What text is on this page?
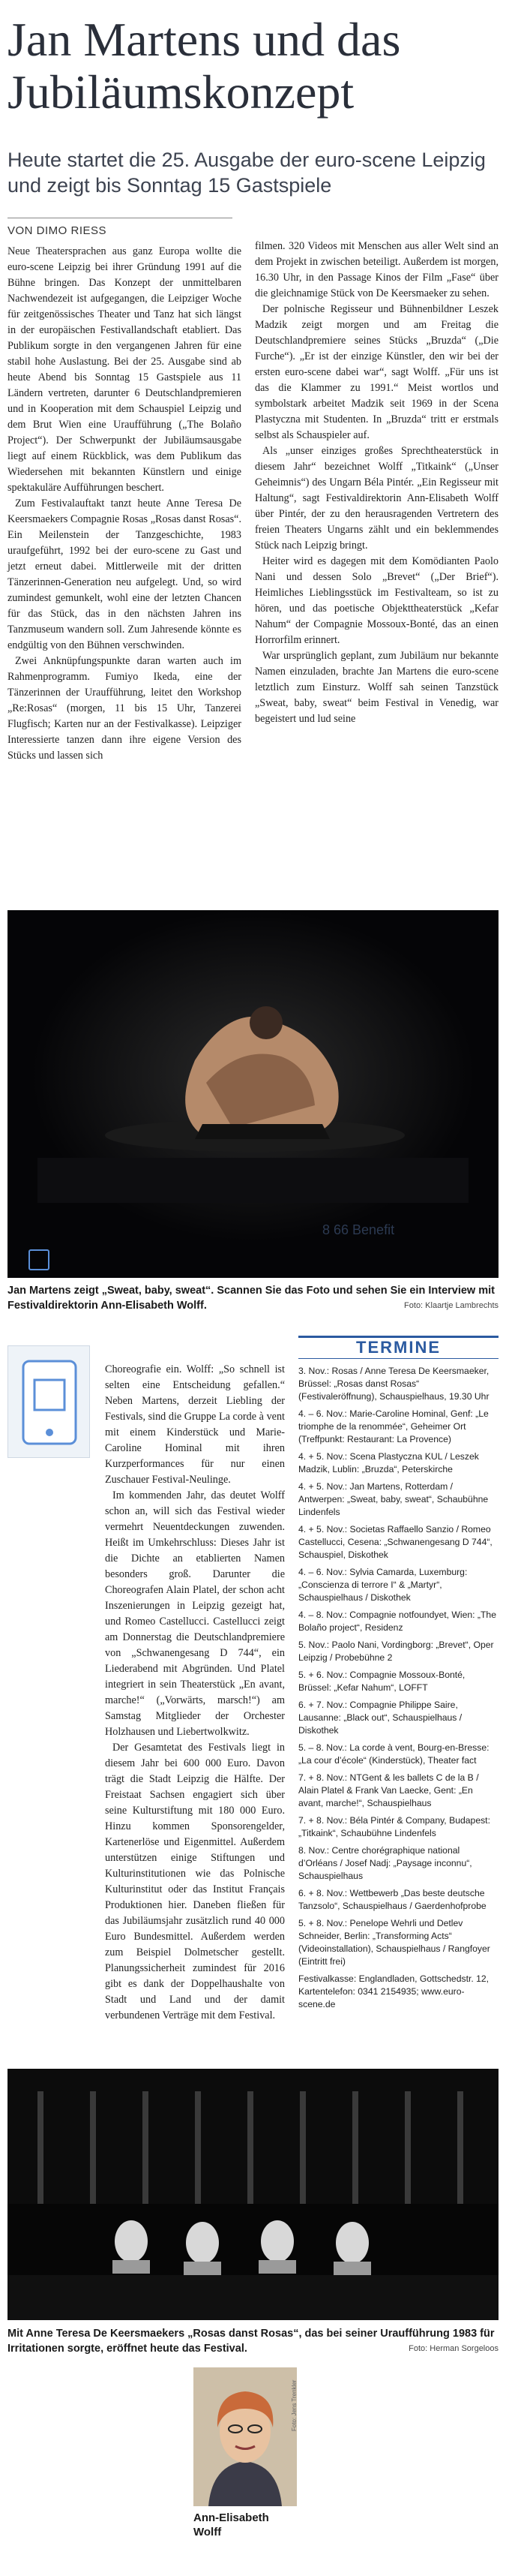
Jan Martens und das Jubiläumskonzept
Heute startet die 25. Ausgabe der euro-scene Leipzig und zeigt bis Sonntag 15 Gastspiele
VON DIMO RIESS

Neue Theatersprachen aus ganz Europa wollte die euro-scene Leipzig bei ihrer Gründung 1991 auf die Bühne bringen. Das Konzept der unmittelbaren Nachwendezeit ist aufgegangen, die Leipziger Woche für zeitgenössisches Theater und Tanz hat sich längst in der europäischen Festivallandschaft etabliert. Das Publikum sorgte in den vergangenen Jahren für eine stabil hohe Auslastung. Bei der 25. Ausgabe sind ab heute Abend bis Sonntag 15 Gastspiele aus 11 Ländern vertreten, darunter 6 Deutschlandpremieren und in Kooperation mit dem Schauspiel Leipzig und dem Brut Wien eine Uraufführung („The Bolaño Project“). Der Schwerpunkt der Jubiläumsausgabe liegt auf einem Rückblick, was dem Publikum das Wiedersehen mit bekannten Künstlern und einige spektakuläre Aufführungen beschert.

Zum Festivalauftakt tanzt heute Anne Teresa De Keersmaekers Compagnie Rosas „Rosas danst Rosas“. Ein Meilenstein der Tanzgeschichte, 1983 uraufgeführt, 1992 bei der euro-scene zu Gast und jetzt erneut dabei. Mittlerweile mit der dritten Tänzerinnen-Generation neu aufgelegt. Und, so wird zumindest gemunkelt, wohl eine der letzten Chancen für das Stück, das in den nächsten Jahren ins Tanzmuseum wandern soll. Zum Jahresende könnte es endgültig von den Bühnen verschwinden.

Zwei Anknüpfungspunkte daran warten auch im Rahmenprogramm. Fumiyo Ikeda, eine der Tänzerinnen der Uraufführung, leitet den Workshop „Re:Rosas“ (morgen, 11 bis 15 Uhr, Tanzerei Flugfisch; Karten nur an der Festivalkasse). Leipziger Interessierte tanzen dann ihre eigene Version des Stücks und lassen sich

filmen. 320 Videos mit Menschen aus aller Welt sind an dem Projekt in zwischen beteiligt. Außerdem ist morgen, 16.30 Uhr, in den Passage Kinos der Film „Fase“ über die gleichnamige Stück von De Keersmaeker zu sehen.

Der polnische Regisseur und Bühnenbildner Leszek Madzik zeigt morgen und am Freitag die Deutschlandpremiere seines Stücks „Bruzda“ („Die Furche“). „Er ist der einzige Künstler, den wir bei der ersten euro-scene dabei war“, sagt Wolff. „Für uns ist das die Klammer zu 1991.“ Meist wortlos und symbolstark arbeitet Madzik seit 1969 in der Scena Plastyczna mit Studenten. In „Bruzda“ tritt er erstmals selbst als Schauspieler auf.

Als „unser einziges großes Sprechtheaterstück in diesem Jahr“ bezeichnet Wolff „Titkaink“ („Unser Geheimnis“) des Ungarn Béla Pintér. „Ein Regisseur mit Haltung“, sagt Festivaldirektorin Ann-Elisabeth Wolff über Pintér, der zu den herausragenden Vertretern des freien Theaters Ungarns zählt und ein beklemmendes Stück nach Leipzig bringt.

Heiter wird es dagegen mit dem Komödianten Paolo Nani und dessen Solo „Brevet“ („Der Brief“). Heimliches Lieblingsstück im Festivalteam, so ist zu hören, und das poetische Objekttheaterstück „Kefar Nahum“ der Compagnie Mossoux-Bonté, das an einen Horrorfilm erinnert.

War ursprünglich geplant, zum Jubiläum nur bekannte Namen einzuladen, brachte Jan Martens die euro-scene letztlich zum Einsturz. Wolff sah seinen Tanzstück „Sweat, baby, sweat“ beim Festival in Venedig, war begeistert und lud seine

8 66 Benefit
Jan Martens zeigt „Sweat, baby, sweat“. Scannen Sie das Foto und sehen Sie ein Interview mit Festivaldirektorin Ann-Elisabeth Wolff.	Foto: Klaartje Lambrechts

Choreografie ein. Wolff: „So schnell ist selten eine Entscheidung gefallen.“ Neben Martens, derzeit Liebling der Festivals, sind die Gruppe La corde à vent mit einem Kinderstück und Marie-Caroline Hominal mit ihren Kurzperformances für nur einen Zuschauer Festival-Neulinge.

Im kommenden Jahr, das deutet Wolff schon an, will sich das Festival wieder vermehrt Neuentdeckungen zuwenden. Heißt im Umkehrschluss: Dieses Jahr ist die Dichte an etablierten Namen besonders groß. Darunter die Choreografen Alain Platel, der schon acht Inszenierungen in Leipzig gezeigt hat, und Romeo Castellucci. Castellucci zeigt am Donnerstag die Deutschlandpremiere von „Schwanengesang D 744“, ein Liederabend mit Abgründen. Und Platel integriert in sein Theaterstück „En avant, marche!“ („Vorwärts, marsch!“) am Samstag Mitglieder der Orchester Holzhausen und Liebertwolkwitz.

Der Gesamtetat des Festivals liegt in diesem Jahr bei 600 000 Euro. Davon trägt die Stadt Leipzig die Hälfte. Der Freistaat Sachsen engagiert sich über seine Kulturstiftung mit 180 000 Euro. Hinzu kommen Sponsorengelder, Kartenerlöse und Eigenmittel. Außerdem unterstützen einige Stiftungen und Kulturinstitutionen wie das Polnische Kulturinstitut oder das Institut Français Produktionen hier. Daneben fließen für das Jubiläumsjahr zusätzlich rund 40 000 Euro Bundesmittel. Außerdem werden zum Beispiel Dolmetscher gestellt. Planungssicherheit zumindest für 2016 gibt es dank der Doppelhaushalte von Stadt und Land und der damit verbundenen Verträge mit dem Festival.

TERMINE
3. Nov.: Rosas / Anne Teresa De Keersmaeker, Brüssel: „Rosas danst Rosas“ (Festivaleröffnung), Schauspielhaus, 19.30 Uhr
4. – 6. Nov.: Marie-Caroline Hominal, Genf: „Le triomphe de la renommée“, Geheimer Ort (Treffpunkt: Restaurant: La Provence)
4. + 5. Nov.: Scena Plastyczna KUL / Leszek Madzik, Lublin: „Bruzda“, Peterskirche
4. + 5. Nov.: Jan Martens, Rotterdam / Antwerpen: „Sweat, baby, sweat“, Schaubühne Lindenfels
4. + 5. Nov.: Societas Raffaello Sanzio / Romeo Castellucci, Cesena: „Schwanengesang D 744“, Schauspiel, Diskothek
4. – 6. Nov.: Sylvia Camarda, Luxemburg: „Conscienza di terrore I“ & „Martyr“, Schauspielhaus / Diskothek
4. – 8. Nov.: Compagnie notfoundyet, Wien: „The Bolaño project“, Residenz
5. Nov.: Paolo Nani, Vordingborg: „Brevet“, Oper Leipzig / Probebühne 2
5. + 6. Nov.: Compagnie Mossoux-Bonté, Brüssel: „Kefar Nahum“, LOFFT
6. + 7. Nov.: Compagnie Philippe Saire, Lausanne: „Black out“, Schauspielhaus / Diskothek
5. – 8. Nov.: La corde à vent, Bourg-en-Bresse: „La cour d’école“ (Kinderstück), Theater fact
7. + 8. Nov.: NTGent & les ballets C de la B / Alain Platel & Frank Van Laecke, Gent: „En avant, marche!“, Schauspielhaus
7. + 8. Nov.: Béla Pintér & Company, Budapest: „Titkaink“, Schaubühne Lindenfels
8. Nov.: Centre chorégraphique national d’Orléans / Josef Nadj: „Paysage inconnu“, Schauspielhaus
6. + 8. Nov.: Wettbewerb „Das beste deutsche Tanzsolo“, Schauspielhaus / Gaerdenhofprobe
5. + 8. Nov.: Penelope Wehrli und Detlev Schneider, Berlin: „Transforming Acts“ (Videoinstallation), Schauspielhaus / Rangfoyer (Eintritt frei)
Festivalkasse: Englandladen, Gottschedstr. 12, Kartentelefon: 0341 2154935; www.euro-scene.de
Mit Anne Teresa De Keersmaekers „Rosas danst Rosas“, das bei seiner Uraufführung 1983 für Irritationen sorgte, eröffnet heute das Festival.	Foto: Herman Sorgeloos
Foto: Jens Trenkler
Ann-Elisabeth Wolff
